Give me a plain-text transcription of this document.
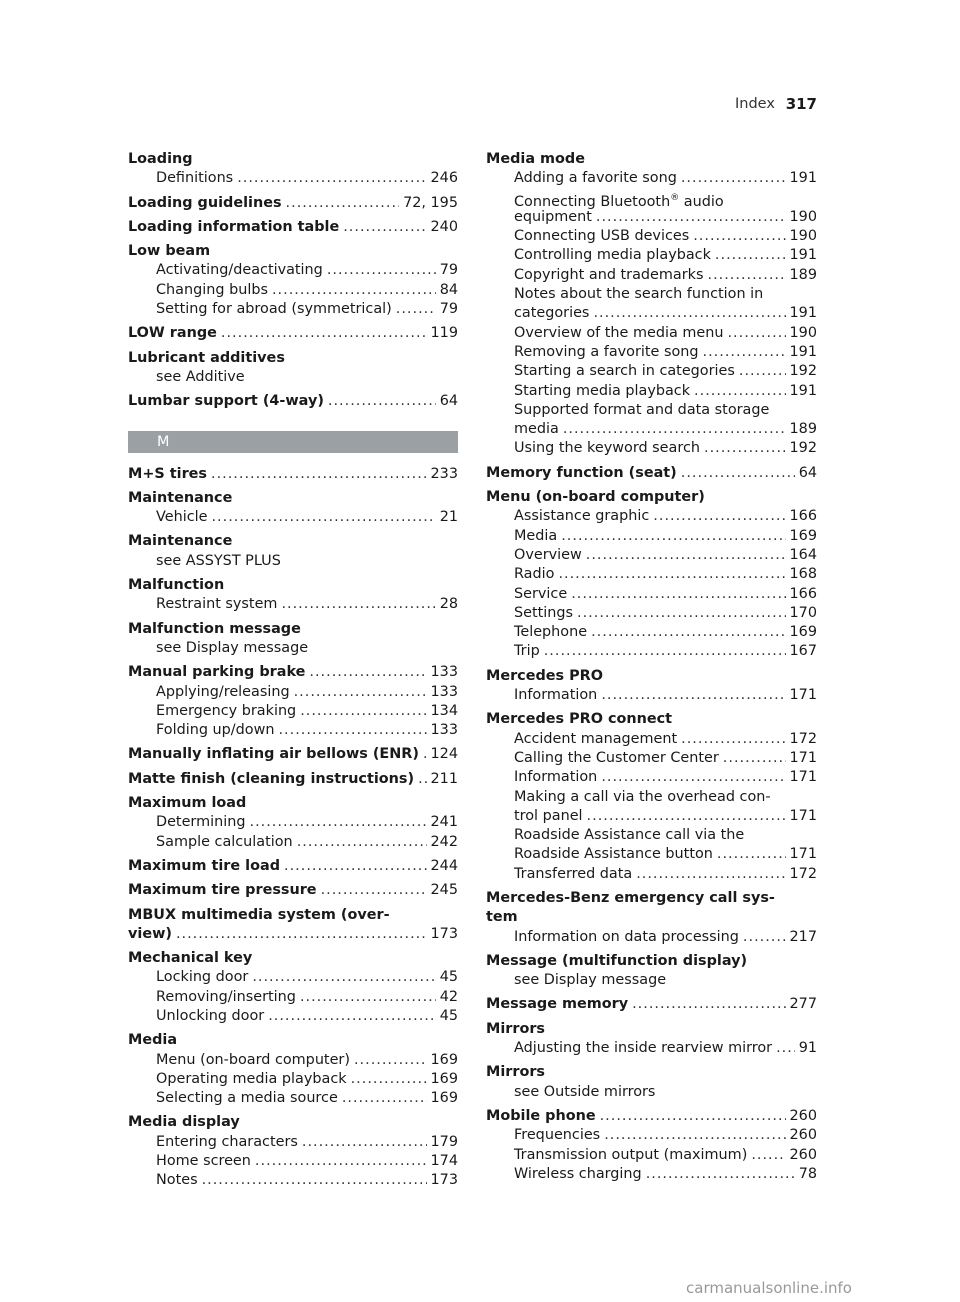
Index 317
Loading
Definitions .....	246
Loading guidelines .....	72, 195
Loading information table .....	240
Low beam
Activating/deactivating .....	79
Changing bulbs .....	84
Setting for abroad (symmetrical) .....	79
LOW range .....	119
Lubricant additives
see Additive
Lumbar support (4-way) .....	64
M
M+S tires .....	233
Maintenance
Vehicle .....	21
Maintenance
see ASSYST PLUS
Malfunction
Restraint system .....	28
Malfunction message
see Display message
Manual parking brake .....	133
Applying/releasing .....	133
Emergency braking .....	134
Folding up/down .....	133
Manually inflating air bellows (ENR) ..... 124
Matte finish (cleaning instructions) ..... 211
Maximum load
Determining .....	241
Sample calculation .....	242
Maximum tire load .....	244
Maximum tire pressure .....	245
MBUX multimedia system (over-
view) .....	173
Mechanical key
Locking door .....	45
Removing/inserting .....	42
Unlocking door .....	45
Media
Menu (on-board computer) .....	169
Operating media playback .....	169
Selecting a media source .....	169
Media display
Entering characters .....	179
Home screen .....	174
Notes .....	173
Media mode
Adding a favorite song .....	191
Connecting Bluetooth® audio
equipment .....	190
Connecting USB devices .....	190
Controlling media playback .....	191
Copyright and trademarks .....	189
Notes about the search function in
categories .....	191
Overview of the media menu .....	190
Removing a favorite song .....	191
Starting a search in categories .....	192
Starting media playback .....	191
Supported format and data storage
media .....	189
Using the keyword search .....	192
Memory function (seat) .....	64
Menu (on-board computer)
Assistance graphic .....	166
Media .....	169
Overview .....	164
Radio .....	168
Service .....	166
Settings .....	170
Telephone .....	169
Trip .....	167
Mercedes PRO
Information .....	171
Mercedes PRO connect
Accident management .....	172
Calling the Customer Center .....	171
Information .....	171
Making a call via the overhead con-
trol panel .....	171
Roadside Assistance call via the
Roadside Assistance button .....	171
Transferred data .....	172
Mercedes-Benz emergency call sys-
tem
Information on data processing .....	217
Message (multifunction display)
see Display message
Message memory .....	277
Mirrors
Adjusting the inside rearview mirror ..... 91
Mirrors
see Outside mirrors
Mobile phone .....	260
Frequencies .....	260
Transmission output (maximum) .....	260
Wireless charging .....	78
carmanualsonline.info
